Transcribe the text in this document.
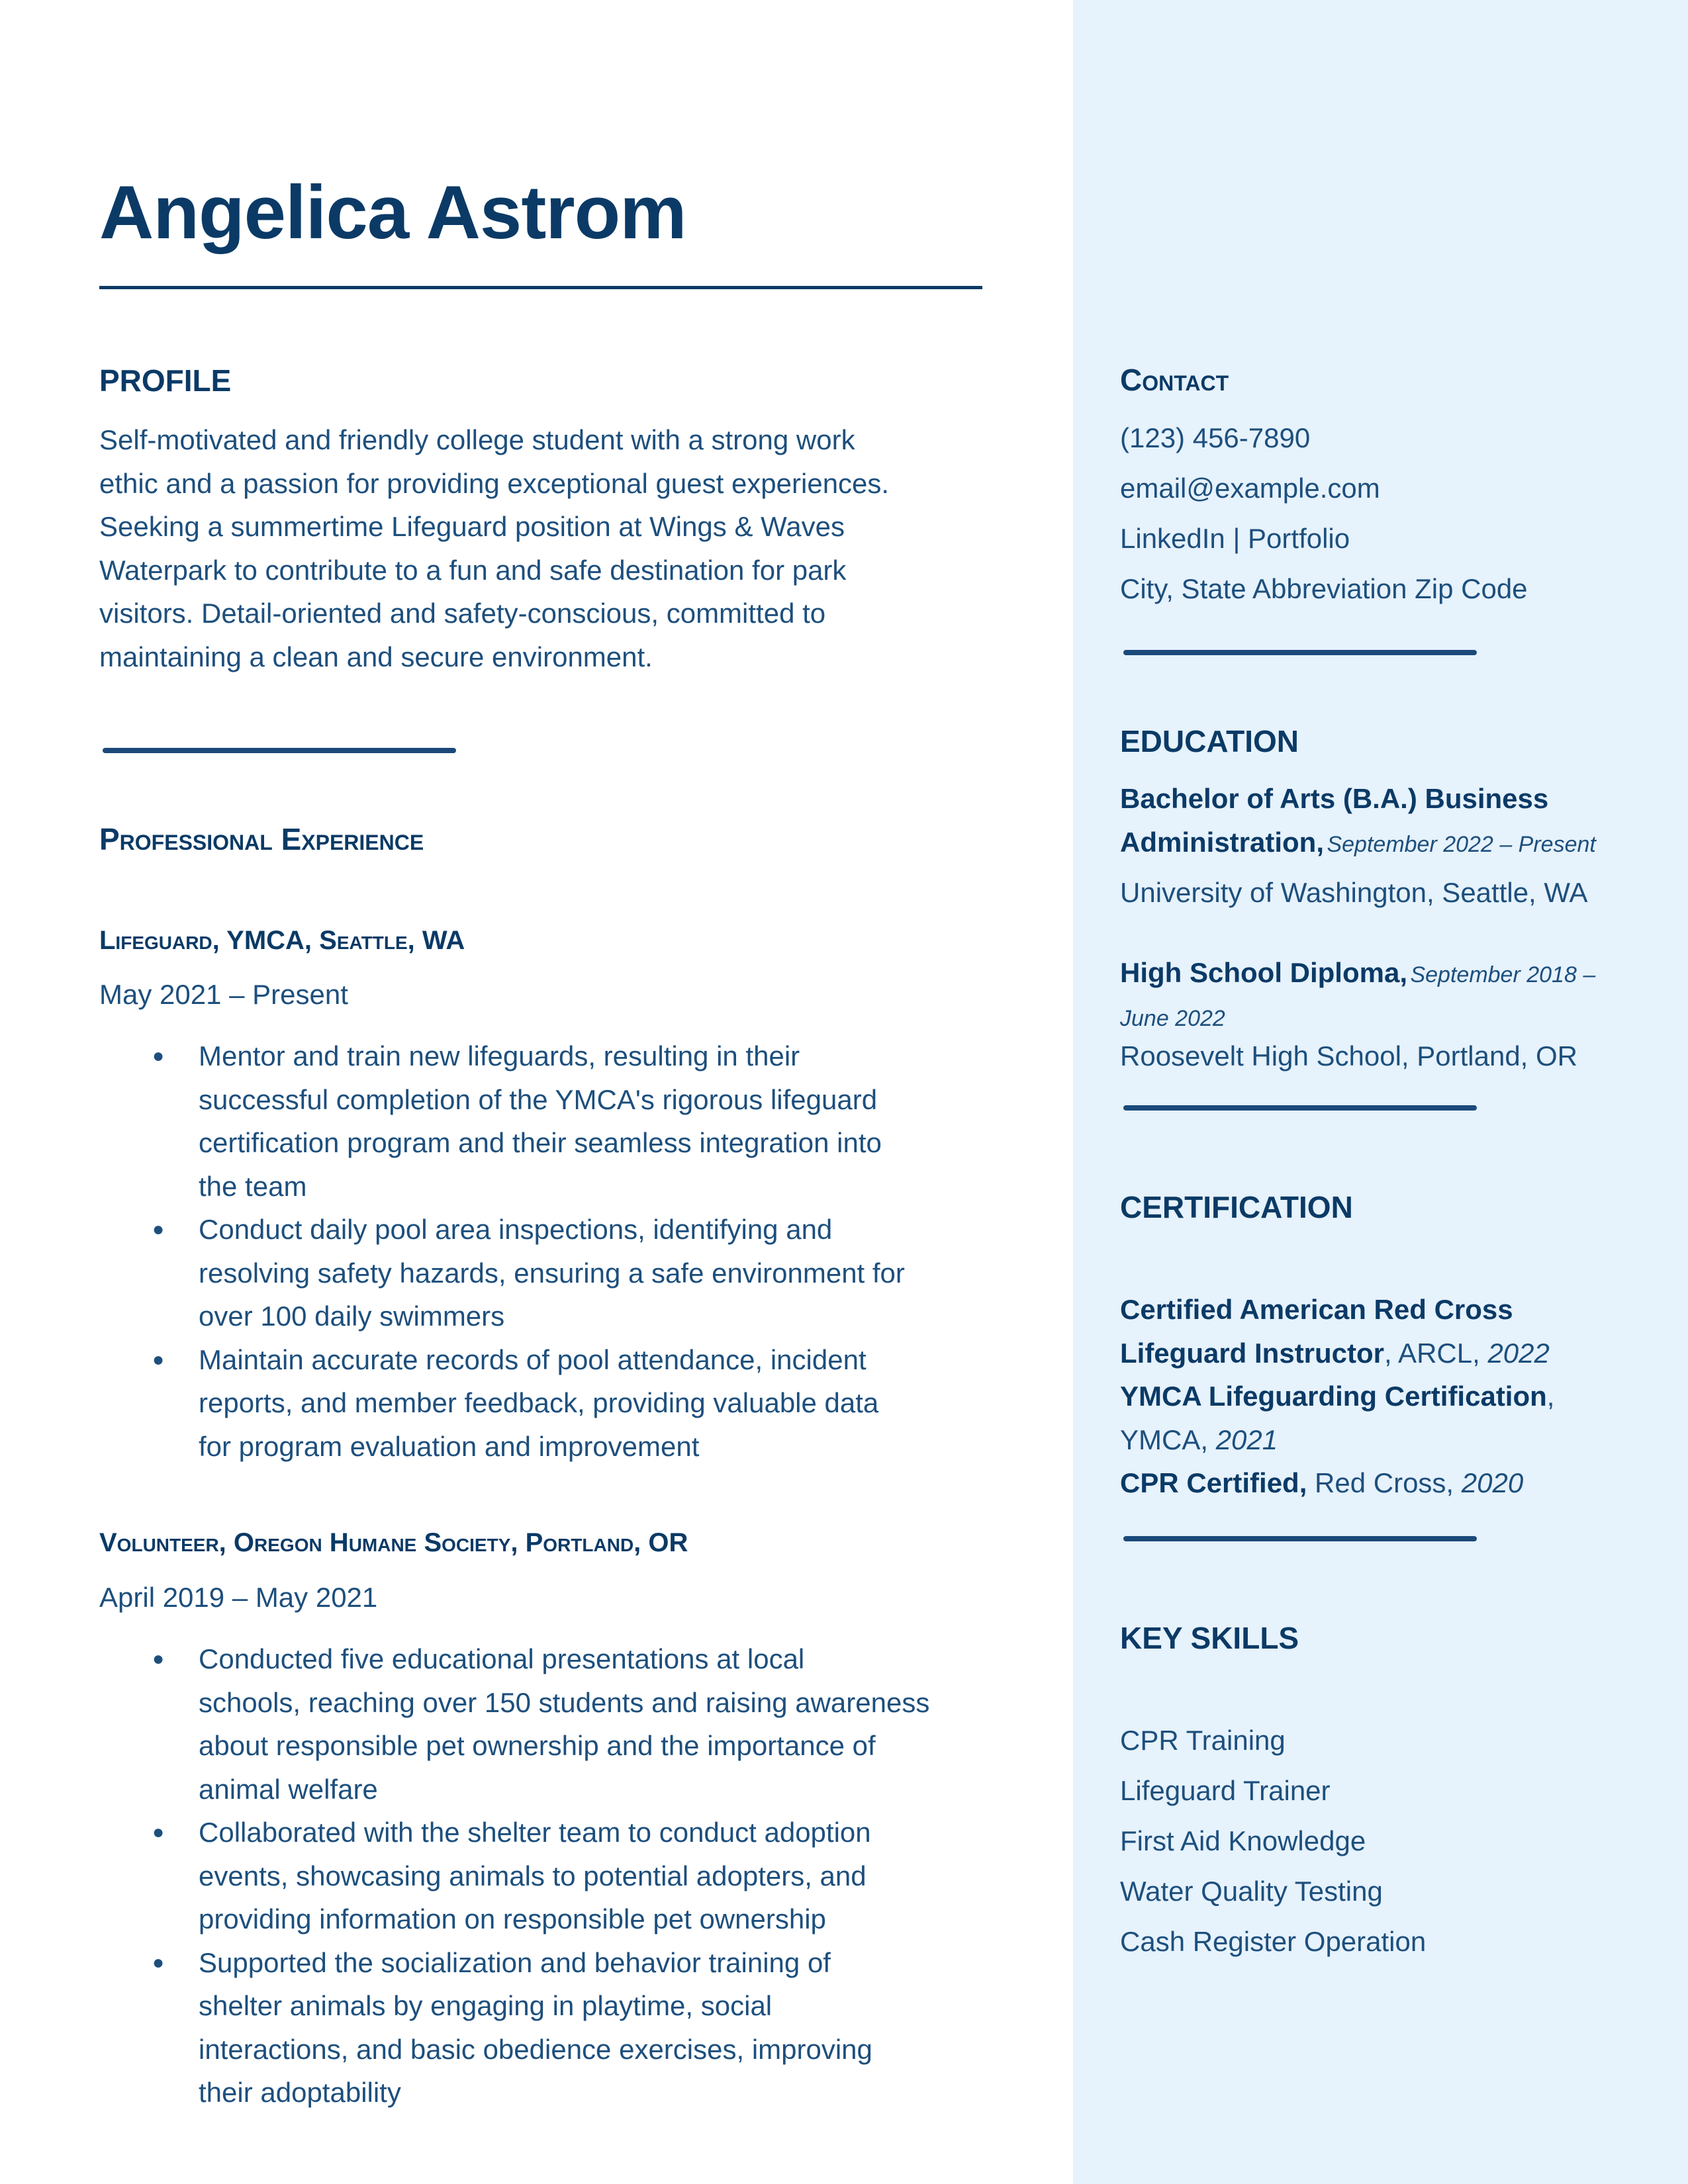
Angelica Astrom
PROFILE
Self-motivated and friendly college student with a strong work
ethic and a passion for providing exceptional guest experiences.
Seeking a summertime Lifeguard position at Wings & Waves
Waterpark to contribute to a fun and safe destination for park
visitors. Detail-oriented and safety-conscious, committed to
maintaining a clean and secure environment.
Professional Experience
Lifeguard, YMCA, Seattle, WA
May 2021 – Present
● Mentor and train new lifeguards, resulting in their
successful completion of the YMCA's rigorous lifeguard
certification program and their seamless integration into
the team
● Conduct daily pool area inspections, identifying and
resolving safety hazards, ensuring a safe environment for
over 100 daily swimmers
● Maintain accurate records of pool attendance, incident
reports, and member feedback, providing valuable data
for program evaluation and improvement
Volunteer, Oregon Humane Society, Portland, OR
April 2019 – May 2021
● Conducted five educational presentations at local
schools, reaching over 150 students and raising awareness
about responsible pet ownership and the importance of
animal welfare
● Collaborated with the shelter team to conduct adoption
events, showcasing animals to potential adopters, and
providing information on responsible pet ownership
● Supported the socialization and behavior training of
shelter animals by engaging in playtime, social
interactions, and basic obedience exercises, improving
their adoptability
Contact
(123) 456-7890
email@example.com
LinkedIn | Portfolio
City, State Abbreviation Zip Code
EDUCATION
Bachelor of Arts (B.A.) Business
Administration, September 2022 – Present
University of Washington, Seattle, WA
High School Diploma, September 2018 –
June 2022
Roosevelt High School, Portland, OR
CERTIFICATION
Certified American Red Cross
Lifeguard Instructor, ARCL, 2022
YMCA Lifeguarding Certification,
YMCA, 2021
CPR Certified, Red Cross, 2020
KEY SKILLS
CPR Training
Lifeguard Trainer
First Aid Knowledge
Water Quality Testing
Cash Register Operation
